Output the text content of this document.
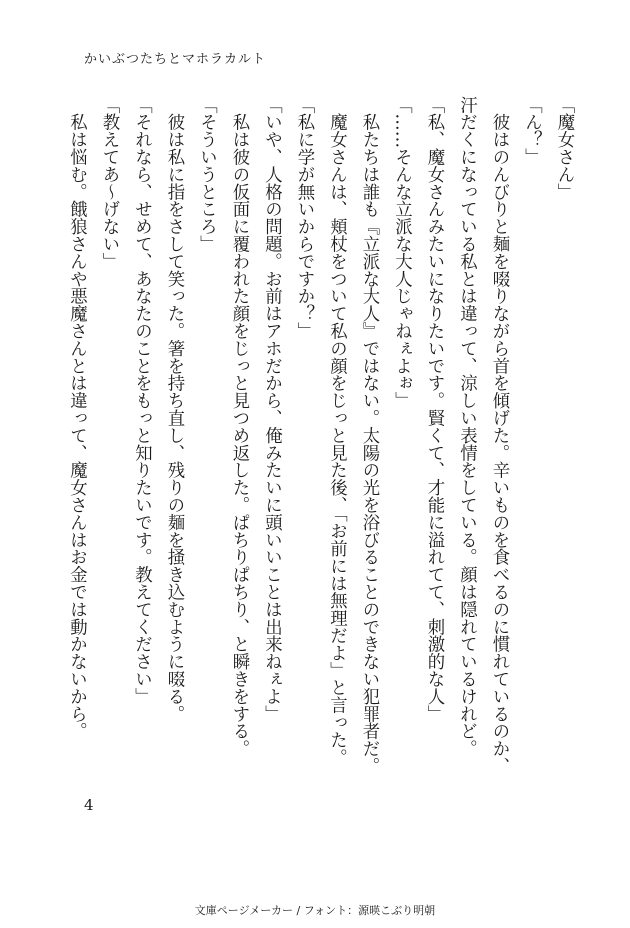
かいぶつたちとマホラカルト
「魔女さん」
「ん？」
　彼はのんびりと麺を啜りながら首を傾げた。辛いものを食べるのに慣れているのか、
汗だくになっている私とは違って、涼しい表情をしている。顔は隠れているけれど。
「私、魔女さんみたいになりたいです。賢くて、才能に溢れてて、刺激的な人」
「……そんな立派な大人じゃねぇよぉ」
　私たちは誰も『立派な大人』ではない。太陽の光を浴びることのできない犯罪者だ。
　魔女さんは、頬杖をついて私の顔をじっと見た後、「お前には無理だよ」と言った。
「私に学が無いからですか？」
「いや、人格の問題。お前はアホだから、俺みたいに頭いいことは出来ねぇよ」
　私は彼の仮面に覆われた顔をじっと見つめ返した。ぱちりぱちり、と瞬きをする。
「そういうところ」
　彼は私に指をさして笑った。箸を持ち直し、残りの麺を掻き込むように啜る。
「それなら、せめて、あなたのことをもっと知りたいです。教えてください」
「教えてあ～げない」
　私は悩む。餓狼さんや悪魔さんとは違って、魔女さんはお金では動かないから。
4
文庫ページメーカー / フォント：源暎こぶり明朝
